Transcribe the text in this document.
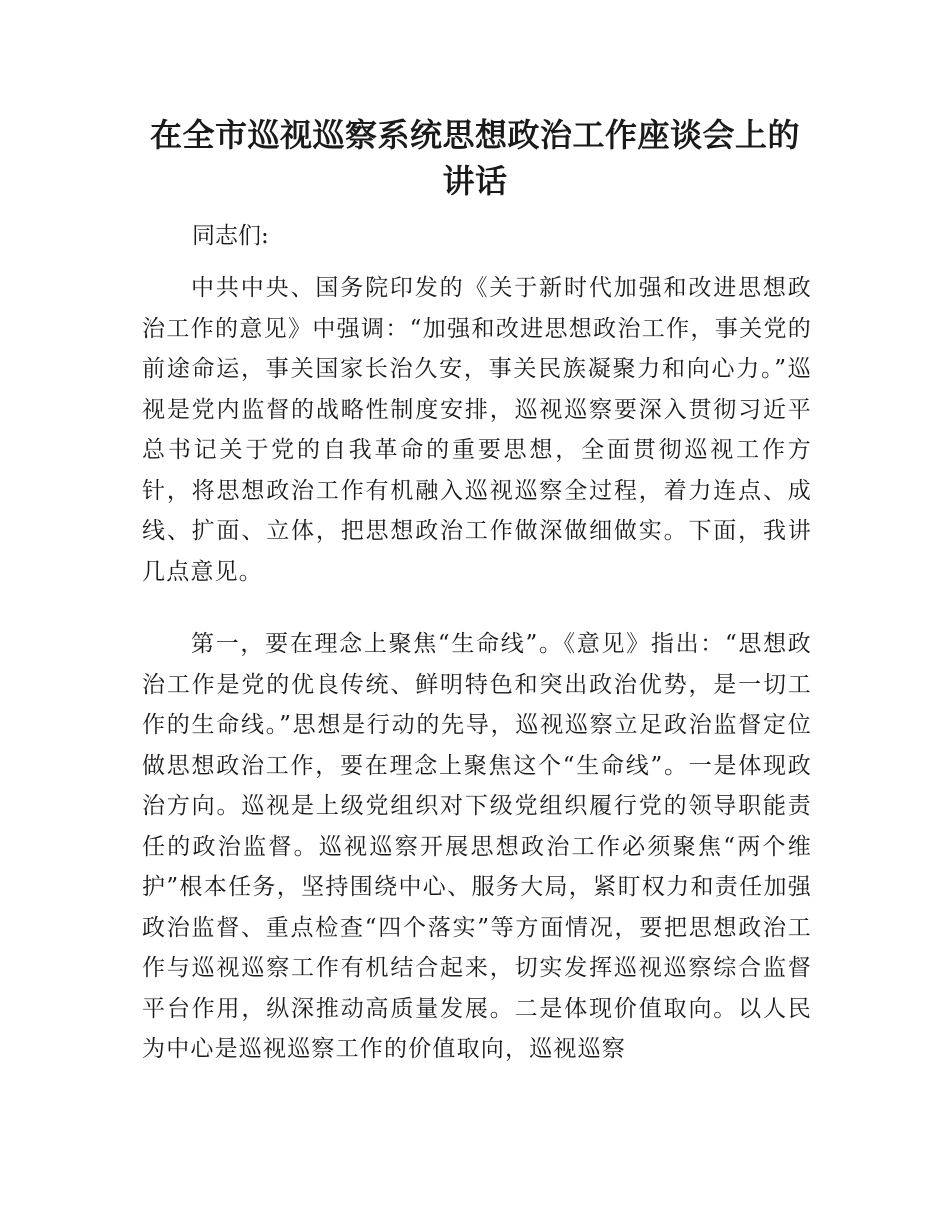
在全市巡视巡察系统思想政治工作座谈会上的
讲话

同志们:

中共中央、国务院印发的《关于新时代加强和改进思想政治工作的意见》中强调：“加强和改进思想政治工作，事关党的前途命运，事关国家长治久安，事关民族凝聚力和向心力。”巡视是党内监督的战略性制度安排，巡视巡察要深入贯彻习近平总书记关于党的自我革命的重要思想，全面贯彻巡视工作方针，将思想政治工作有机融入巡视巡察全过程，着力连点、成线、扩面、立体，把思想政治工作做深做细做实。下面，我讲几点意见。

第一，要在理念上聚焦“生命线”。《意见》指出：“思想政治工作是党的优良传统、鲜明特色和突出政治优势，是一切工作的生命线。”思想是行动的先导，巡视巡察立足政治监督定位做思想政治工作，要在理念上聚焦这个“生命线”。一是体现政治方向。巡视是上级党组织对下级党组织履行党的领导职能责任的政治监督。巡视巡察开展思想政治工作必须聚焦“两个维护”根本任务，坚持围绕中心、服务大局，紧盯权力和责任加强政治监督、重点检查“四个落实”等方面情况，要把思想政治工作与巡视巡察工作有机结合起来，切实发挥巡视巡察综合监督平台作用，纵深推动高质量发展。二是体现价值取向。以人民为中心是巡视巡察工作的价值取向，巡视巡察
